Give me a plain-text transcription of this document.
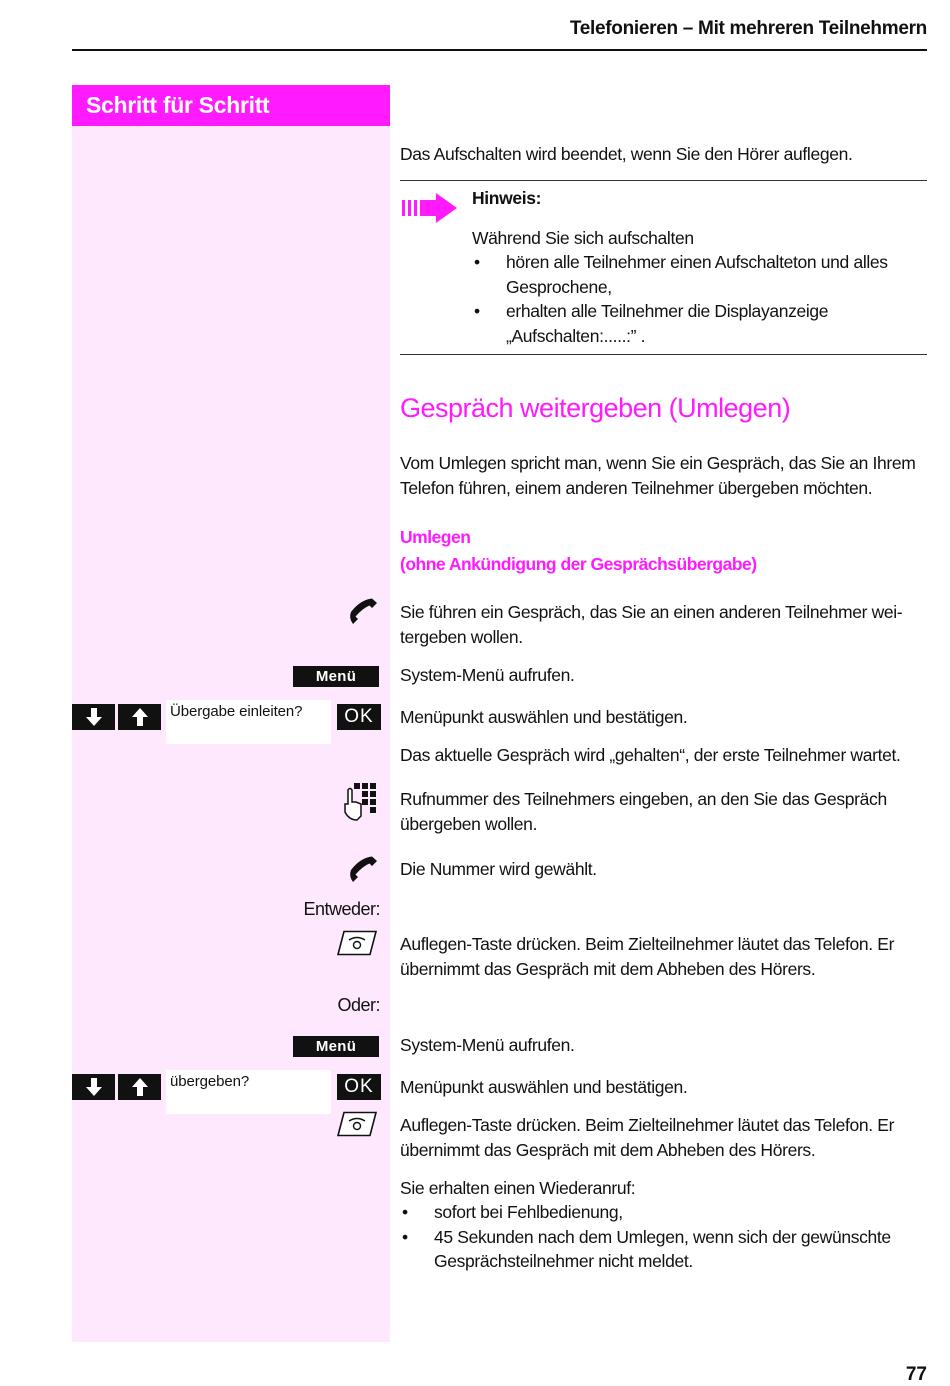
Telefonieren – Mit mehreren Teilnehmern
Schritt für Schritt
Das Aufschalten wird beendet, wenn Sie den Hörer auflegen.
Hinweis:
Während Sie sich aufschalten
• hören alle Teilnehmer einen Aufschalteton und alles Gesprochene,
• erhalten alle Teilnehmer die Displayanzeige „Aufschalten:.....:” .
Gespräch weitergeben (Umlegen)
Vom Umlegen spricht man, wenn Sie ein Gespräch, das Sie an Ihrem Telefon führen, einem anderen Teilnehmer übergeben möchten.
Umlegen
(ohne Ankündigung der Gesprächsübergabe)
Sie führen ein Gespräch, das Sie an einen anderen Teilnehmer wei-tergeben wollen.
Menü	System-Menü aufrufen.
Übergabe einleiten?	OK	Menüpunkt auswählen und bestätigen.
Das aktuelle Gespräch wird „gehalten“, der erste Teilnehmer wartet.
Rufnummer des Teilnehmers eingeben, an den Sie das Gespräch übergeben wollen.
Die Nummer wird gewählt.
Entweder:
Auflegen-Taste drücken. Beim Zielteilnehmer läutet das Telefon. Er übernimmt das Gespräch mit dem Abheben des Hörers.
Oder:
Menü	System-Menü aufrufen.
übergeben?	OK	Menüpunkt auswählen und bestätigen.
Auflegen-Taste drücken. Beim Zielteilnehmer läutet das Telefon. Er übernimmt das Gespräch mit dem Abheben des Hörers.
Sie erhalten einen Wiederanruf:
• sofort bei Fehlbedienung,
• 45 Sekunden nach dem Umlegen, wenn sich der gewünschte Gesprächsteilnehmer nicht meldet.
77
